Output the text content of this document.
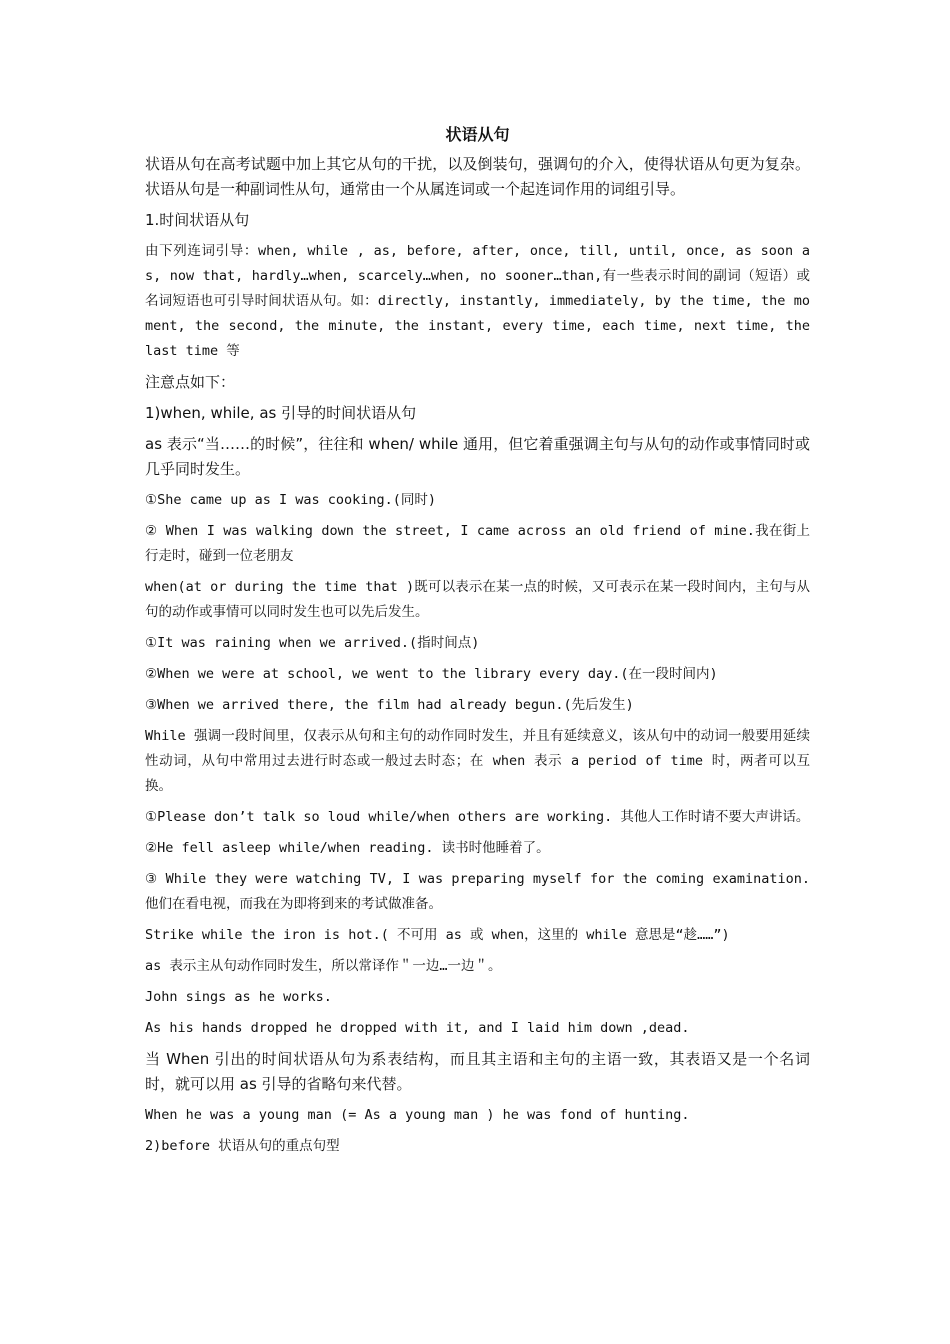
状语从句
状语从句在高考试题中加上其它从句的干扰，以及倒装句，强调句的介入，使得状语从句更为复杂。状语从句是一种副词性从句，通常由一个从属连词或一个起连词作用的词组引导。
1.时间状语从句
由下列连词引导：when, while , as, before, after, once, till, until, once, as soon as, now that, hardly…when, scarcely…when, no sooner…than,有一些表示时间的副词（短语）或名词短语也可引导时间状语从句。如：directly, instantly, immediately, by the time, the moment, the second, the minute, the instant, every time, each time, next time, the last time 等
注意点如下：
1)when, while, as 引导的时间状语从句
as 表示“当……的时候”，往往和 when/ while 通用，但它着重强调主句与从句的动作或事情同时或几乎同时发生。
①She came up as I was cooking.(同时)
② When I was walking down the street, I came across an old friend of mine.我在街上行走时，碰到一位老朋友
when(at or during the time that )既可以表示在某一点的时候，又可表示在某一段时间内，主句与从句的动作或事情可以同时发生也可以先后发生。
①It was raining when we arrived.(指时间点)
②When we were at school, we went to the library every day.(在一段时间内)
③When we arrived there, the film had already begun.(先后发生)
While 强调一段时间里，仅表示从句和主句的动作同时发生，并且有延续意义，该从句中的动词一般要用延续性动词，从句中常用过去进行时态或一般过去时态；在 when 表示 a period of time 时，两者可以互换。
①Please don’t talk so loud while/when others are working. 其他人工作时请不要大声讲话。
②He fell asleep while/when reading. 读书时他睡着了。
③ While they were watching TV, I was preparing myself for the coming examination. 他们在看电视，而我在为即将到来的考试做准备。
Strike while the iron is hot.( 不可用 as 或 when，这里的 while 意思是“趁……”)
as 表示主从句动作同时发生，所以常译作＂一边…一边＂。
John sings as he works.
As his hands dropped he dropped with it, and I laid him down ,dead.
当 When 引出的时间状语从句为系表结构，而且其主语和主句的主语一致，其表语又是一个名词时，就可以用 as 引导的省略句来代替。
When he was a young man (= As a young man ) he was fond of hunting.
2)before 状语从句的重点句型
